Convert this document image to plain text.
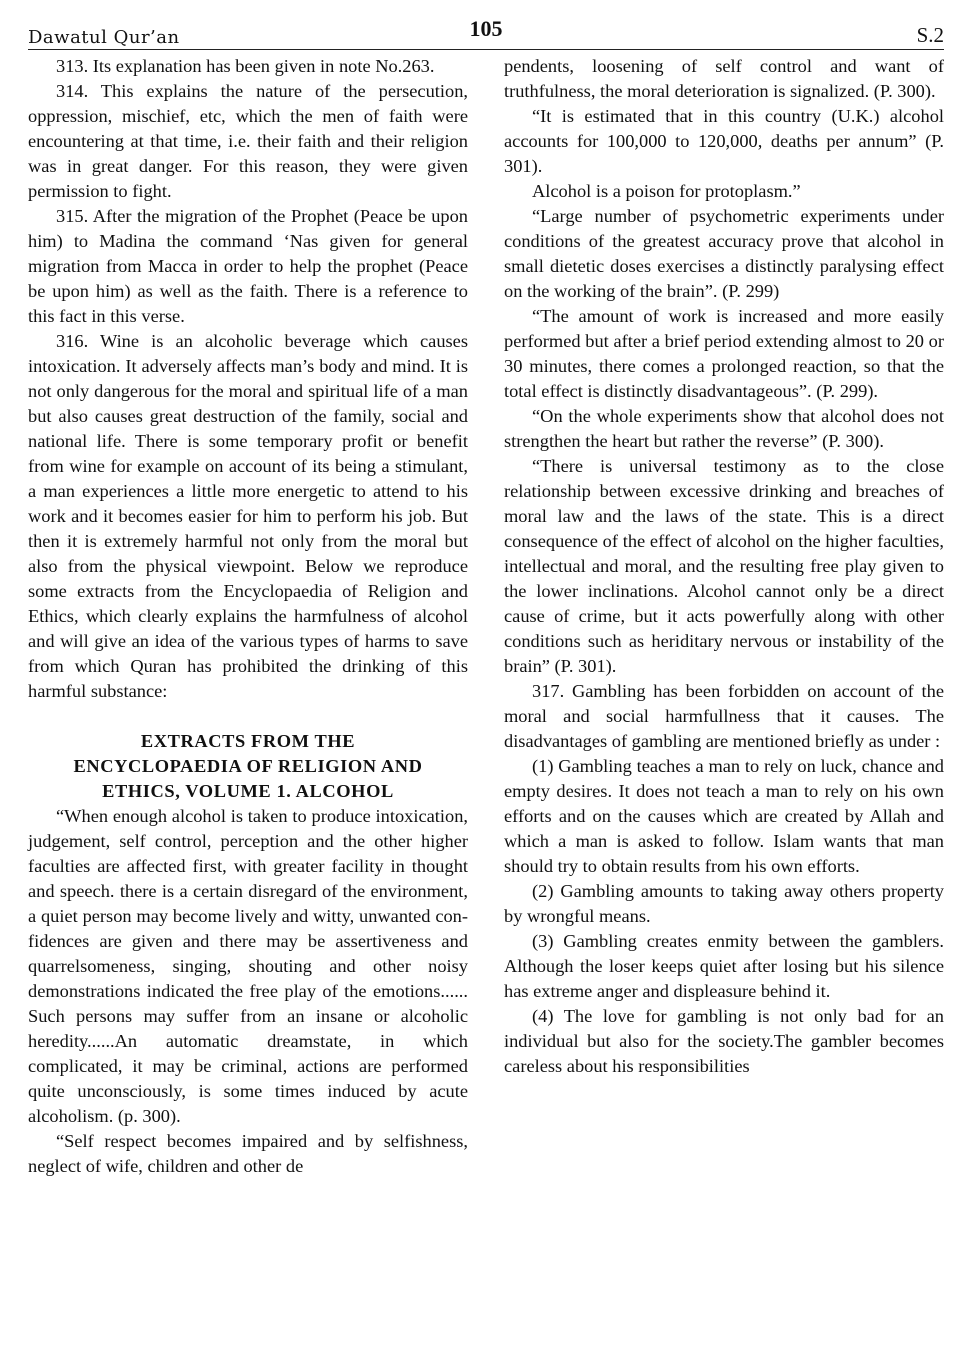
Dawatul Qur’an	105	S.2

313. Its explanation has been given in note No.263.

314. This explains the nature of the persecution, oppression, mischief, etc, which the men of faith were encountering at that time, i.e. their faith and their religion was in great danger. For this reason, they were given permission to fight.

315. After the migration of the Prophet (Peace be upon him) to Madina the command ‘Nas given for general migration from Macca in order to help the prophet (Peace be upon him) as well as the faith. There is a reference to this fact in this verse.

316. Wine is an alcoholic beverage which causes intoxication. It adversely affects man’s body and mind. It is not only dangerous for the moral and spiritual life of a man but also causes great destruction of the family, social and national life. There is some temporary profit or benefit from wine for example on account of its being a stimulant, a man experiences a little more energetic to attend to his work and it becomes easier for him to perform his job. But then it is extremely harmful not only from the moral but also from the physical viewpoint. Below we reproduce some extracts from the Encyclopaedia of Religion and Ethics, which clearly explains the harmfulness of alcohol and will give an idea of the various types of harms to save from which Quran has prohibited the drinking of this harmful substance:

EXTRACTS FROM THE
ENCYCLOPAEDIA OF RELIGION AND
ETHICS, VOLUME 1. ALCOHOL

“When enough alcohol is taken to produce intoxication, judgement, self control, perception and the other higher faculties are affected first, with greater facility in thought and speech. there is a certain disregard of the environment, a quiet person may become lively and witty, unwanted confidences are given and there may be assertiveness and quarrelsomeness, singing, shouting and other noisy demonstrations indicated the free play of the emotions...... Such persons may suffer from an insane or alcoholic heredity......An automatic dreamstate, in which complicated, it may be criminal, actions are performed quite unconsciously, is some times induced by acute alcoholism. (p. 300).

“Self respect becomes impaired and by selfishness, neglect of wife, children and other de

pendents, loosening of self control and want of truthfulness, the moral deterioration is signalized. (P. 300).

“It is estimated that in this country (U.K.) alcohol accounts for 100,000 to 120,000, deaths per annum” (P. 301).

Alcohol is a poison for protoplasm.”

“Large number of psychometric experiments under conditions of the greatest accuracy prove that alcohol in small dietetic doses exercises a distinctly paralysing effect on the working of the brain”. (P. 299)

“The amount of work is increased and more easily performed but after a brief period extending almost to 20 or 30 minutes, there comes a prolonged reaction, so that the total effect is distinctly disadvantageous”. (P. 299).

“On the whole experiments show that alcohol does not strengthen the heart but rather the reverse” (P. 300).

“There is universal testimony as to the close relationship between excessive drinking and breaches of moral law and the laws of the state. This is a direct consequence of the effect of alcohol on the higher faculties, intellectual and moral, and the resulting free play given to the lower inclinations. Alcohol cannot only be a direct cause of crime, but it acts powerfully along with other conditions such as heriditary nervous or instability of the brain” (P. 301).

317. Gambling has been forbidden on account of the moral and social harmfullness that it causes. The disadvantages of gambling are mentioned briefly as under :

(1) Gambling teaches a man to rely on luck, chance and empty desires. It does not teach a man to rely on his own efforts and on the causes which are created by Allah and which a man is asked to follow. Islam wants that man should try to obtain results from his own efforts.

(2) Gambling amounts to taking away others property by wrongful means.

(3) Gambling creates enmity between the gamblers. Although the loser keeps quiet after losing but his silence has extreme anger and displeasure behind it.

(4) The love for gambling is not only bad for an individual but also for the society.The gambler becomes careless about his responsibilities
